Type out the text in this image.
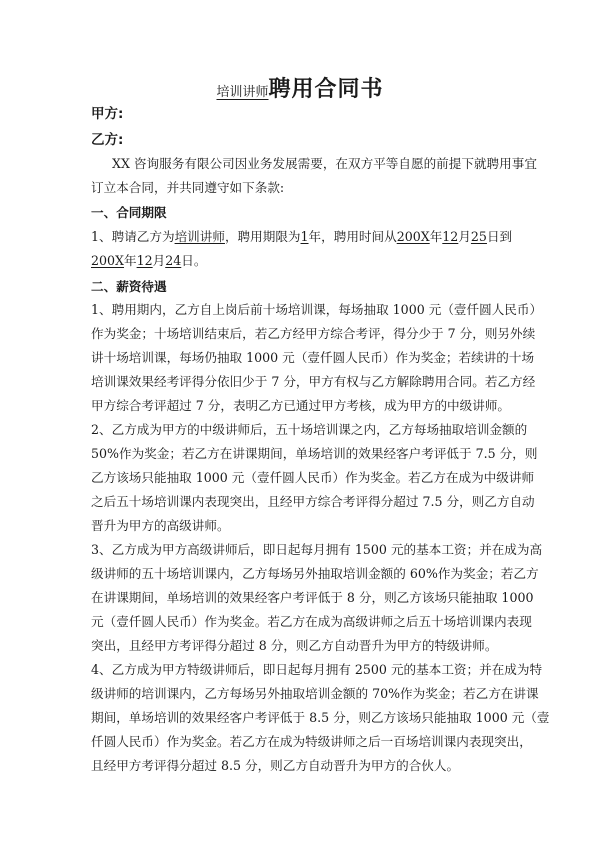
培训讲师聘用合同书
甲方:
乙方:
XX 咨询服务有限公司因业务发展需要，在双方平等自愿的前提下就聘用事宜
订立本合同，并共同遵守如下条款:
一、合同期限
1、聘请乙方为培训讲师，聘用期限为1年，聘用时间从200X年12月25日到
200X年12月24日。
二、薪资待遇
1、聘用期内，乙方自上岗后前十场培训课，每场抽取 1000 元（壹仟圆人民币）
作为奖金；十场培训结束后，若乙方经甲方综合考评，得分少于 7 分，则另外续
讲十场培训课，每场仍抽取 1000 元（壹仟圆人民币）作为奖金；若续讲的十场
培训课效果经考评得分依旧少于 7 分，甲方有权与乙方解除聘用合同。若乙方经
甲方综合考评超过 7 分，表明乙方已通过甲方考核，成为甲方的中级讲师。
2、乙方成为甲方的中级讲师后，五十场培训课之内，乙方每场抽取培训金额的
50%作为奖金；若乙方在讲课期间，单场培训的效果经客户考评低于 7.5 分，则
乙方该场只能抽取 1000 元（壹仟圆人民币）作为奖金。若乙方在成为中级讲师
之后五十场培训课内表现突出，且经甲方综合考评得分超过 7.5 分，则乙方自动
晋升为甲方的高级讲师。
3、乙方成为甲方高级讲师后，即日起每月拥有 1500 元的基本工资；并在成为高
级讲师的五十场培训课内，乙方每场另外抽取培训金额的 60%作为奖金；若乙方
在讲课期间，单场培训的效果经客户考评低于 8 分，则乙方该场只能抽取 1000
元（壹仟圆人民币）作为奖金。若乙方在成为高级讲师之后五十场培训课内表现
突出，且经甲方考评得分超过 8 分，则乙方自动晋升为甲方的特级讲师。
4、乙方成为甲方特级讲师后，即日起每月拥有 2500 元的基本工资；并在成为特
级讲师的培训课内，乙方每场另外抽取培训金额的 70%作为奖金；若乙方在讲课
期间，单场培训的效果经客户考评低于 8.5 分，则乙方该场只能抽取 1000 元（壹
仟圆人民币）作为奖金。若乙方在成为特级讲师之后一百场培训课内表现突出，
且经甲方考评得分超过 8.5 分，则乙方自动晋升为甲方的合伙人。
